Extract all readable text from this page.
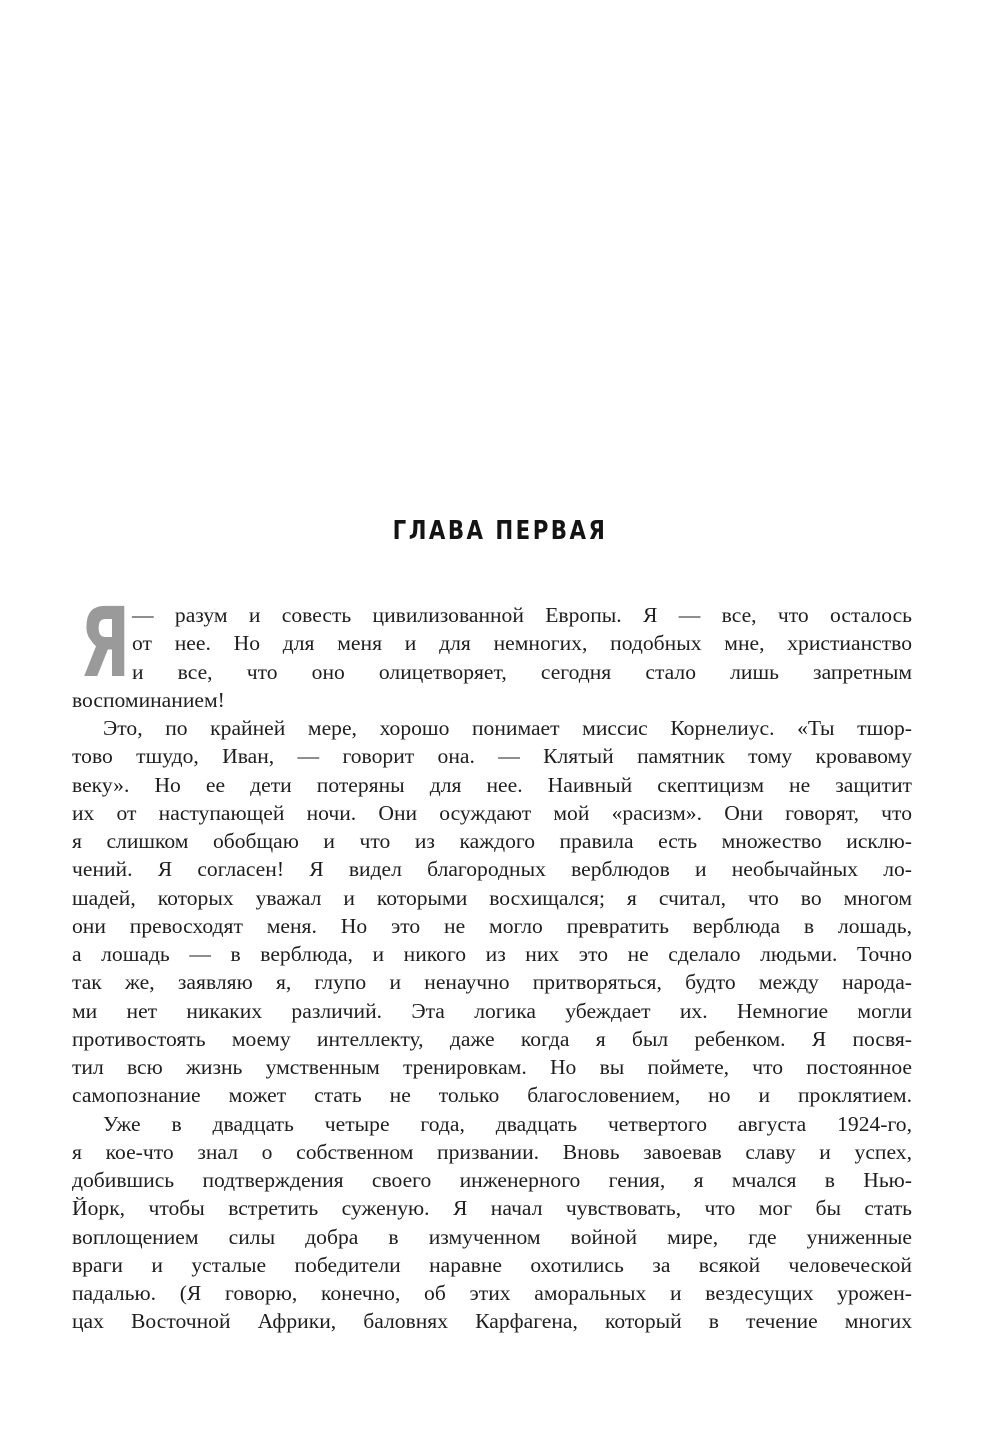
ГЛАВА ПЕРВАЯ
Я — разум и совесть цивилизованной Европы. Я — все, что осталось
от нее. Но для меня и для немногих, подобных мне, христианство
и все, что оно олицетворяет, сегодня стало лишь запретным
воспоминанием!
Это, по крайней мере, хорошо понимает миссис Корнелиус. «Ты тшор-
тово тшудо, Иван, — говорит она. — Клятый памятник тому кровавому
веку». Но ее дети потеряны для нее. Наивный скептицизм не защитит
их от наступающей ночи. Они осуждают мой «расизм». Они говорят, что
я слишком обобщаю и что из каждого правила есть множество исклю-
чений. Я согласен! Я видел благородных верблюдов и необычайных ло-
шадей, которых уважал и которыми восхищался; я считал, что во многом
они превосходят меня. Но это не могло превратить верблюда в лошадь,
а лошадь — в верблюда, и никого из них это не сделало людьми. Точно
так же, заявляю я, глупо и ненаучно притворяться, будто между народа-
ми нет никаких различий. Эта логика убеждает их. Немногие могли
противостоять моему интеллекту, даже когда я был ребенком. Я посвя-
тил всю жизнь умственным тренировкам. Но вы поймете, что постоянное
самопознание может стать не только благословением, но и проклятием.
Уже в двадцать четыре года, двадцать четвертого августа 1924-го,
я кое-что знал о собственном призвании. Вновь завоевав славу и успех,
добившись подтверждения своего инженерного гения, я мчался в Нью-
Йорк, чтобы встретить суженую. Я начал чувствовать, что мог бы стать
воплощением силы добра в измученном войной мире, где униженные
враги и усталые победители наравне охотились за всякой человеческой
падалью. (Я говорю, конечно, об этих аморальных и вездесущих урожен-
цах Восточной Африки, баловнях Карфагена, который в течение многих
